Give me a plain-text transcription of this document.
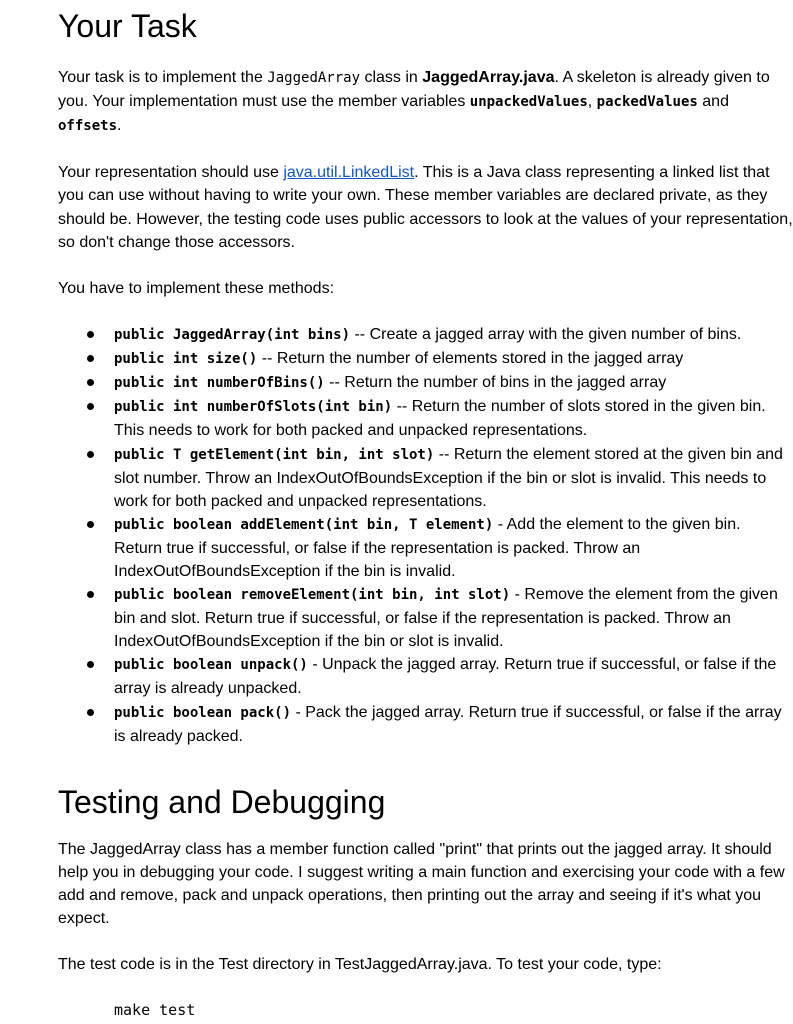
Your Task

Your task is to implement the JaggedArray class in JaggedArray.java. A skeleton is already given to you. Your implementation must use the member variables unpackedValues, packedValues and offsets.

Your representation should use java.util.LinkedList. This is a Java class representing a linked list that you can use without having to write your own. These member variables are declared private, as they should be. However, the testing code uses public accessors to look at the values of your representation, so don't change those accessors.

You have to implement these methods:

public JaggedArray(int bins) -- Create a jagged array with the given number of bins.
public int size() -- Return the number of elements stored in the jagged array
public int numberOfBins() -- Return the number of bins in the jagged array
public int numberOfSlots(int bin) -- Return the number of slots stored in the given bin. This needs to work for both packed and unpacked representations.
public T getElement(int bin, int slot) -- Return the element stored at the given bin and slot number. Throw an IndexOutOfBoundsException if the bin or slot is invalid. This needs to work for both packed and unpacked representations.
public boolean addElement(int bin, T element) - Add the element to the given bin. Return true if successful, or false if the representation is packed. Throw an IndexOutOfBoundsException if the bin is invalid.
public boolean removeElement(int bin, int slot) - Remove the element from the given bin and slot. Return true if successful, or false if the representation is packed. Throw an IndexOutOfBoundsException if the bin or slot is invalid.
public boolean unpack() - Unpack the jagged array. Return true if successful, or false if the array is already unpacked.
public boolean pack() - Pack the jagged array. Return true if successful, or false if the array is already packed.
Testing and Debugging

The JaggedArray class has a member function called "print" that prints out the jagged array. It should help you in debugging your code. I suggest writing a main function and exercising your code with a few add and remove, pack and unpack operations, then printing out the array and seeing if it's what you expect.

The test code is in the Test directory in TestJaggedArray.java. To test your code, type:

make test
